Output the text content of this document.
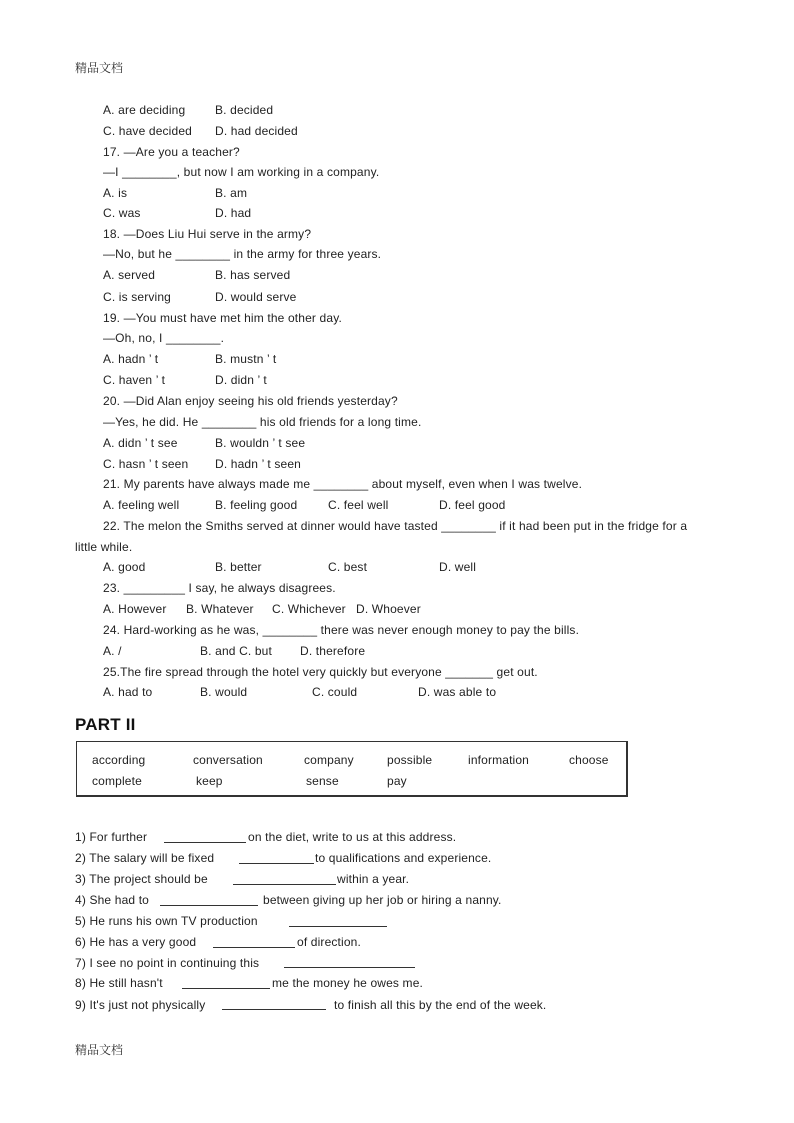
精品文档
A. are deciding B. decided
C. have decided D. had decided
17. —Are you a teacher?
—I ________, but now I am working in a company.
A. is	B. am
C. was	D. had
18. —Does Liu Hui serve in the army?
—No, but he ________ in the army for three years.
A. served	B. has served
C. is serving	D. would serve
19. —You must have met him the other day.
—Oh, no, I ________.
A. hadn ’ t	B. mustn ’ t
C. haven ’ t	D. didn ’ t
20. —Did Alan enjoy seeing his old friends yesterday?
—Yes, he did. He ________ his old friends for a long time.
A. didn ’ t see	B. wouldn ’ t see
C. hasn ’ t seen D. hadn ’ t seen
21. My parents have always made me ________ about myself, even when I was twelve.
A. feeling well	B. feeling good	C. feel well	D. feel good
22. The melon the Smiths served at dinner would have tasted ________ if it had been put in the fridge for a
little while.
A. good	B. better	C. best	D. well
23. _________ I say, he always disagrees.
A. However B. Whatever C. Whichever D. Whoever
24. Hard-working as he was, ________ there was never enough money to pay the bills.
A. /	B. and C. but D. therefore
25.The fire spread through the hotel very quickly but everyone _______ get out.
A. had to	B. would	C. could	D. was able to
PART II
according	conversation	company	possible	information	choose
complete	keep	sense	pay
1) For further	on the diet, write to us at this address.
2) The salary will be fixed	to qualifications and experience.
3) The project should be	within a year.
4) She had to	between giving up her job or hiring a nanny.
5) He runs his own TV production
6) He has a very good	of direction.
7) I see no point in continuing this
8) He still hasn't	me the money he owes me.
9) It's just not physically	to finish all this by the end of the week.
精品文档
